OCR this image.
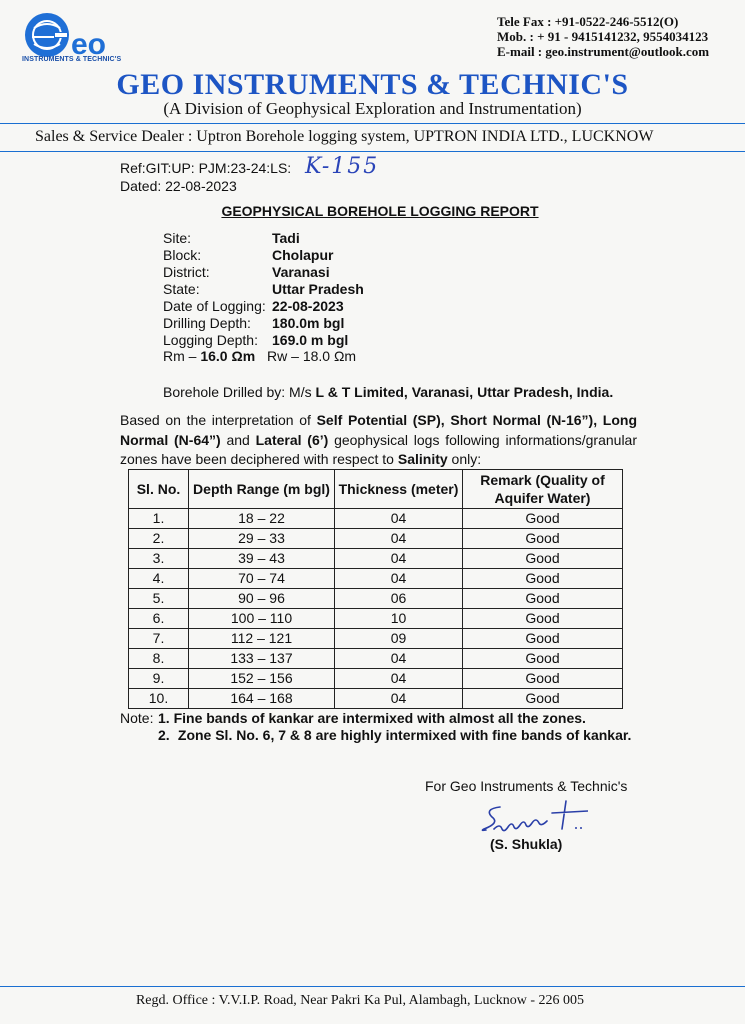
eo
INSTRUMENTS & TECHNIC'S
Tele Fax : +91-0522-246-5512(O)
Mob. : + 91 - 9415141232, 9554034123
E-mail : geo.instrument@outlook.com
GEO INSTRUMENTS & TECHNIC'S
(A Division of Geophysical Exploration and Instrumentation)
Sales & Service Dealer : Uptron Borehole logging system, UPTRON INDIA LTD., LUCKNOW
Ref:GIT:UP: PJM:23-24:LS: K-155
Dated: 22-08-2023
GEOPHYSICAL BOREHOLE LOGGING REPORT
Site:	Tadi
Block:	Cholapur
District:	Varanasi
State:	Uttar Pradesh
Date of Logging: 22-08-2023
Drilling Depth:	180.0m bgl
Logging Depth:	169.0 m bgl
Rm – 16.0 Ωm Rw – 18.0 Ωm
Borehole Drilled by: M/s L & T Limited, Varanasi, Uttar Pradesh, India.
Based on the interpretation of Self Potential (SP), Short Normal (N-16”), Long Normal (N-64”) and Lateral (6’) geophysical logs following informations/granular zones have been deciphered with respect to Salinity only:
Sl. No.	Depth Range (m bgl)	Thickness (meter)	Remark (Quality of Aquifer Water)
1.	18 – 22	04	Good
2.	29 – 33	04	Good
3.	39 – 43	04	Good
4.	70 – 74	04	Good
5.	90 – 96	06	Good
6.	100 – 110	10	Good
7.	112 – 121	09	Good
8.	133 – 137	04	Good
9.	152 – 156	04	Good
10.	164 – 168	04	Good
Note: 1.
Fine bands of kankar are intermixed with almost all the zones.
2.
Zone Sl. No. 6, 7 & 8 are highly intermixed with fine bands of kankar.
For Geo Instruments & Technic's
(S. Shukla)
Regd. Office : V.V.I.P. Road, Near Pakri Ka Pul, Alambagh, Lucknow - 226 005
